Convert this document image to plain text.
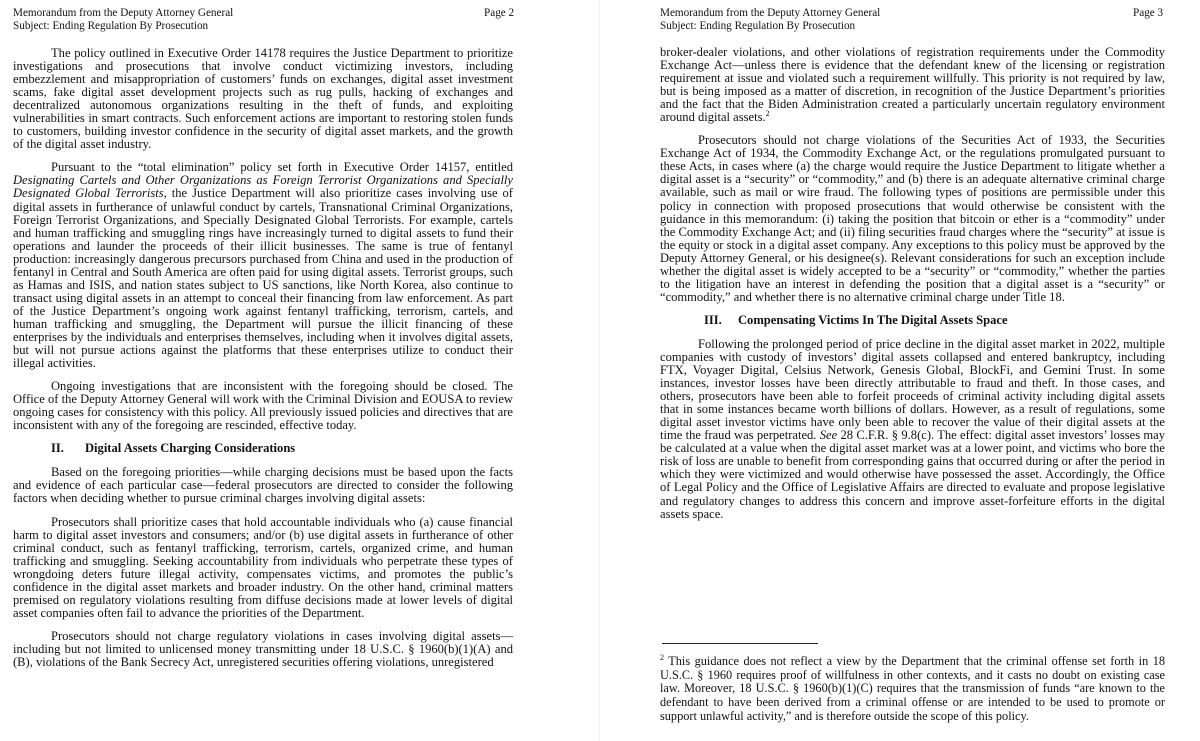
Memorandum from the Deputy Attorney General
Subject: Ending Regulation By Prosecution
Page 2

The policy outlined in Executive Order 14178 requires the Justice Department to prioritize investigations and prosecutions that involve conduct victimizing investors, including embezzlement and misappropriation of customers’ funds on exchanges, digital asset investment scams, fake digital asset development projects such as rug pulls, hacking of exchanges and decentralized autonomous organizations resulting in the theft of funds, and exploiting vulnerabilities in smart contracts. Such enforcement actions are important to restoring stolen funds to customers, building investor confidence in the security of digital asset markets, and the growth of the digital asset industry.

Pursuant to the “total elimination” policy set forth in Executive Order 14157, entitled Designating Cartels and Other Organizations as Foreign Terrorist Organizations and Specially Designated Global Terrorists, the Justice Department will also prioritize cases involving use of digital assets in furtherance of unlawful conduct by cartels, Transnational Criminal Organizations, Foreign Terrorist Organizations, and Specially Designated Global Terrorists. For example, cartels and human trafficking and smuggling rings have increasingly turned to digital assets to fund their operations and launder the proceeds of their illicit businesses. The same is true of fentanyl production: increasingly dangerous precursors purchased from China and used in the production of fentanyl in Central and South America are often paid for using digital assets. Terrorist groups, such as Hamas and ISIS, and nation states subject to US sanctions, like North Korea, also continue to transact using digital assets in an attempt to conceal their financing from law enforcement. As part of the Justice Department’s ongoing work against fentanyl trafficking, terrorism, cartels, and human trafficking and smuggling, the Department will pursue the illicit financing of these enterprises by the individuals and enterprises themselves, including when it involves digital assets, but will not pursue actions against the platforms that these enterprises utilize to conduct their illegal activities.

Ongoing investigations that are inconsistent with the foregoing should be closed. The Office of the Deputy Attorney General will work with the Criminal Division and EOUSA to review ongoing cases for consistency with this policy. All previously issued policies and directives that are inconsistent with any of the foregoing are rescinded, effective today.

II. Digital Assets Charging Considerations

Based on the foregoing priorities—while charging decisions must be based upon the facts and evidence of each particular case—federal prosecutors are directed to consider the following factors when deciding whether to pursue criminal charges involving digital assets:

Prosecutors shall prioritize cases that hold accountable individuals who (a) cause financial harm to digital asset investors and consumers; and/or (b) use digital assets in furtherance of other criminal conduct, such as fentanyl trafficking, terrorism, cartels, organized crime, and human trafficking and smuggling. Seeking accountability from individuals who perpetrate these types of wrongdoing deters future illegal activity, compensates victims, and promotes the public’s confidence in the digital asset markets and broader industry. On the other hand, criminal matters premised on regulatory violations resulting from diffuse decisions made at lower levels of digital asset companies often fail to advance the priorities of the Department.

Prosecutors should not charge regulatory violations in cases involving digital assets—including but not limited to unlicensed money transmitting under 18 U.S.C. § 1960(b)(1)(A) and (B), violations of the Bank Secrecy Act, unregistered securities offering violations, unregistered

Memorandum from the Deputy Attorney General
Subject: Ending Regulation By Prosecution
Page 3

broker-dealer violations, and other violations of registration requirements under the Commodity Exchange Act—unless there is evidence that the defendant knew of the licensing or registration requirement at issue and violated such a requirement willfully. This priority is not required by law, but is being imposed as a matter of discretion, in recognition of the Justice Department’s priorities and the fact that the Biden Administration created a particularly uncertain regulatory environment around digital assets.$^2$

Prosecutors should not charge violations of the Securities Act of 1933, the Securities Exchange Act of 1934, the Commodity Exchange Act, or the regulations promulgated pursuant to these Acts, in cases where (a) the charge would require the Justice Department to litigate whether a digital asset is a “security” or “commodity,” and (b) there is an adequate alternative criminal charge available, such as mail or wire fraud. The following types of positions are permissible under this policy in connection with proposed prosecutions that would otherwise be consistent with the guidance in this memorandum: (i) taking the position that bitcoin or ether is a “commodity” under the Commodity Exchange Act; and (ii) filing securities fraud charges where the “security” at issue is the equity or stock in a digital asset company. Any exceptions to this policy must be approved by the Deputy Attorney General, or his designee(s). Relevant considerations for such an exception include whether the digital asset is widely accepted to be a “security” or “commodity,” whether the parties to the litigation have an interest in defending the position that a digital asset is a “security” or “commodity,” and whether there is no alternative criminal charge under Title 18.

III. Compensating Victims In The Digital Assets Space

Following the prolonged period of price decline in the digital asset market in 2022, multiple companies with custody of investors’ digital assets collapsed and entered bankruptcy, including FTX, Voyager Digital, Celsius Network, Genesis Global, BlockFi, and Gemini Trust. In some instances, investor losses have been directly attributable to fraud and theft. In those cases, and others, prosecutors have been able to forfeit proceeds of criminal activity including digital assets that in some instances became worth billions of dollars. However, as a result of regulations, some digital asset investor victims have only been able to recover the value of their digital assets at the time the fraud was perpetrated. See 28 C.F.R. § 9.8(c). The effect: digital asset investors’ losses may be calculated at a value when the digital asset market was at a lower point, and victims who bore the risk of loss are unable to benefit from corresponding gains that occurred during or after the period in which they were victimized and would otherwise have possessed the asset. Accordingly, the Office of Legal Policy and the Office of Legislative Affairs are directed to evaluate and propose legislative and regulatory changes to address this concern and improve asset-forfeiture efforts in the digital assets space.

$^2$ This guidance does not reflect a view by the Department that the criminal offense set forth in 18 U.S.C. § 1960 requires proof of willfulness in other contexts, and it casts no doubt on existing case law. Moreover, 18 U.S.C. § 1960(b)(1)(C) requires that the transmission of funds “are known to the defendant to have been derived from a criminal offense or are intended to be used to promote or support unlawful activity,” and is therefore outside the scope of this policy.
